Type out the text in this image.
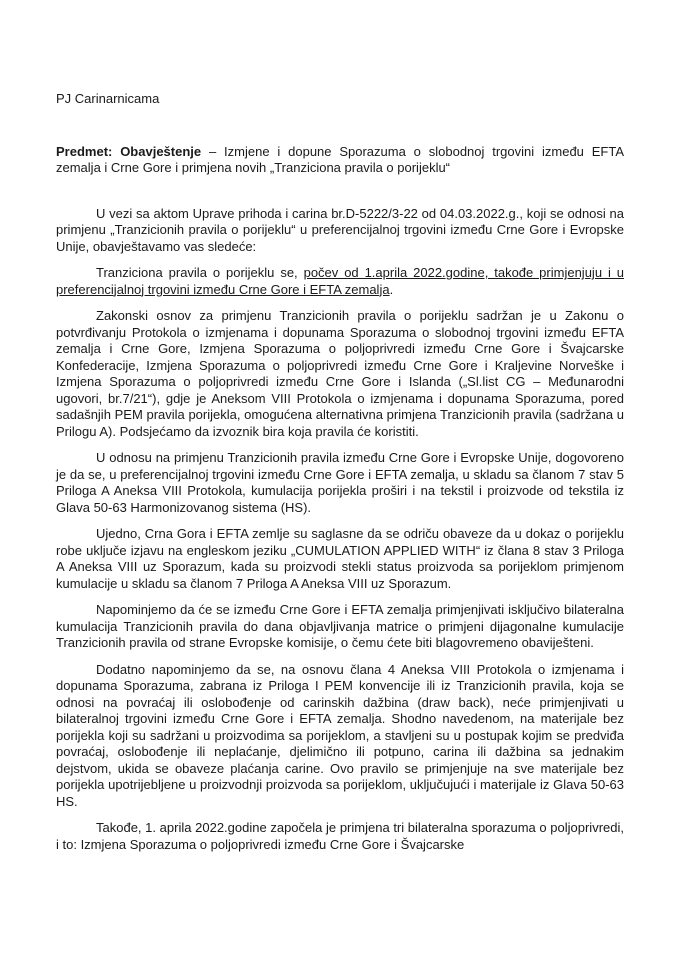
PJ Carinarnicama

Predmet: Obavještenje – Izmjene i dopune Sporazuma o slobodnoj trgovini između EFTA zemalja i Crne Gore i primjena novih „Tranziciona pravila o porijeklu“

U vezi sa aktom Uprave prihoda i carina br.D-5222/3-22 od 04.03.2022.g., koji se odnosi na primjenu „Tranzicionih pravila o porijeklu“ u preferencijalnoj trgovini između Crne Gore i Evropske Unije, obavještavamo vas sledeće:

Tranziciona pravila o porijeklu se, počev od 1.aprila 2022.godine, takođe primjenjuju i u preferencijalnoj trgovini između Crne Gore i EFTA zemalja.

Zakonski osnov za primjenu Tranzicionih pravila o porijeklu sadržan je u Zakonu o potvrđivanju Protokola o izmjenama i dopunama Sporazuma o slobodnoj trgovini između EFTA zemalja i Crne Gore, Izmjena Sporazuma o poljoprivredi između Crne Gore i Švajcarske Konfederacije, Izmjena Sporazuma o poljoprivredi između Crne Gore i Kraljevine Norveške i Izmjena Sporazuma o poljoprivredi između Crne Gore i Islanda („Sl.list CG – Međunarodni ugovori, br.7/21“), gdje je Aneksom VIII Protokola o izmjenama i dopunama Sporazuma, pored sadašnjih PEM pravila porijekla, omogućena alternativna primjena Tranzicionih pravila (sadržana u Prilogu A). Podsjećamo da izvoznik bira koja pravila će koristiti.

U odnosu na primjenu Tranzicionih pravila između Crne Gore i Evropske Unije, dogovoreno je da se, u preferencijalnoj trgovini između Crne Gore i EFTA zemalja, u skladu sa članom 7 stav 5 Priloga A Aneksa VIII Protokola, kumulacija porijekla proširi i na tekstil i proizvode od tekstila iz Glava 50-63 Harmonizovanog sistema (HS).

Ujedno, Crna Gora i EFTA zemlje su saglasne da se odriču obaveze da u dokaz o porijeklu robe uključe izjavu na engleskom jeziku „CUMULATION APPLIED WITH“ iz člana 8 stav 3 Priloga A Aneksa VIII uz Sporazum, kada su proizvodi stekli status proizvoda sa porijeklom primjenom kumulacije u skladu sa članom 7 Priloga A Aneksa VIII uz Sporazum.

Napominjemo da će se između Crne Gore i EFTA zemalja primjenjivati isključivo bilateralna kumulacija Tranzicionih pravila do dana objavljivanja matrice o primjeni dijagonalne kumulacije Tranzicionih pravila od strane Evropske komisije, o čemu ćete biti blagovremeno obaviješteni.

Dodatno napominjemo da se, na osnovu člana 4 Aneksa VIII Protokola o izmjenama i dopunama Sporazuma, zabrana iz Priloga I PEM konvencije ili iz Tranzicionih pravila, koja se odnosi na povraćaj ili oslobođenje od carinskih dažbina (draw back), neće primjenjivati u bilateralnoj trgovini između Crne Gore i EFTA zemalja. Shodno navedenom, na materijale bez porijekla koji su sadržani u proizvodima sa porijeklom, a stavljeni su u postupak kojim se predviđa povraćaj, oslobođenje ili neplaćanje, djelimično ili potpuno, carina ili dažbina sa jednakim dejstvom, ukida se obaveze plaćanja carine. Ovo pravilo se primjenjuje na sve materijale bez porijekla upotrijebljene u proizvodnji proizvoda sa porijeklom, uključujući i materijale iz Glava 50-63 HS.

Takođe, 1. aprila 2022.godine započela je primjena tri bilateralna sporazuma o poljoprivredi, i to: Izmjena Sporazuma o poljoprivredi između Crne Gore i Švajcarske
